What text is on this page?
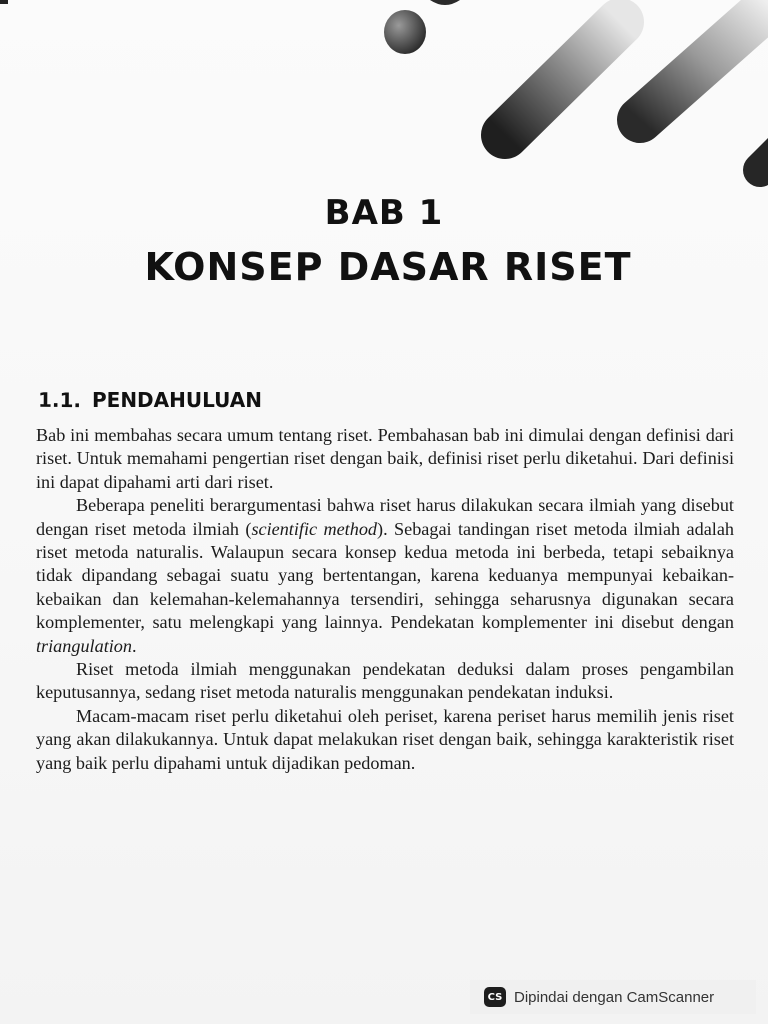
BAB 1
KONSEP DASAR RISET
1.1. PENDAHULUAN

Bab ini membahas secara umum tentang riset. Pembahasan bab ini dimulai dengan definisi dari riset. Untuk memahami pengertian riset dengan baik, definisi riset perlu diketahui. Dari definisi ini dapat dipahami arti dari riset.

Beberapa peneliti berargumentasi bahwa riset harus dilakukan secara ilmiah yang disebut dengan riset metoda ilmiah (scientific method). Sebagai tandingan riset metoda ilmiah adalah riset metoda naturalis. Walaupun secara konsep kedua metoda ini berbeda, tetapi sebaiknya tidak dipandang sebagai suatu yang bertentangan, karena keduanya mempunyai kebaikan-kebaikan dan kelemahan-kelemahannya tersendiri, sehingga seharusnya digunakan secara komplementer, satu melengkapi yang lainnya. Pendekatan komplementer ini disebut dengan triangulation.

Riset metoda ilmiah menggunakan pendekatan deduksi dalam proses pengambilan keputusannya, sedang riset metoda naturalis menggunakan pendekatan induksi.

Macam-macam riset perlu diketahui oleh periset, karena periset harus memilih jenis riset yang akan dilakukannya. Untuk dapat melakukan riset dengan baik, sehingga karakteristik riset yang baik perlu dipahami untuk dijadikan pedoman.

CS Dipindai dengan CamScanner
